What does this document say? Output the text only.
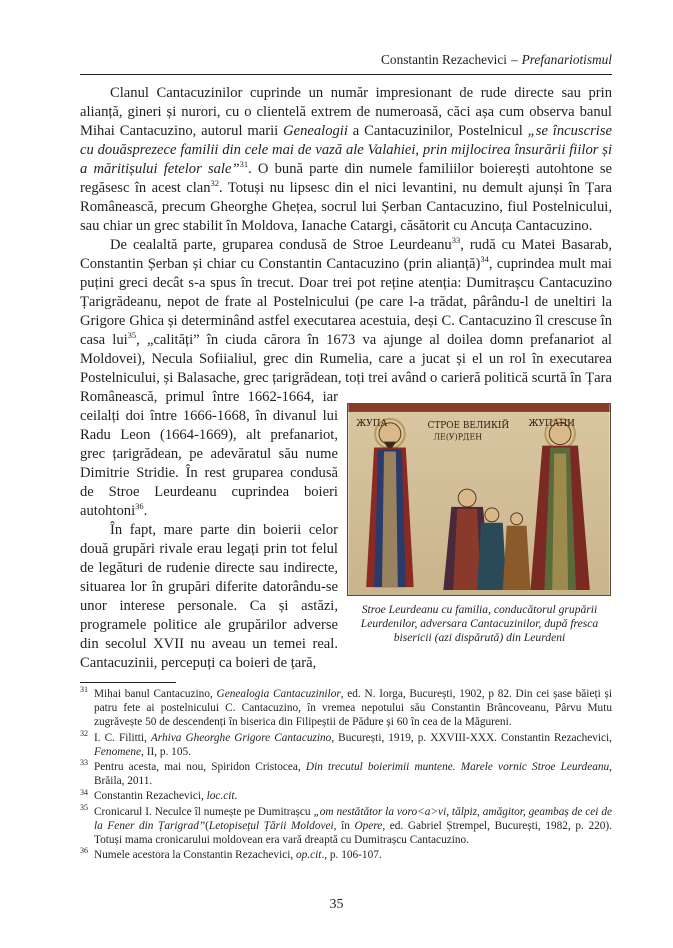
Constantin Rezachevici – Prefanariotismul

Clanul Cantacuzinilor cuprinde un număr impresionant de rude directe sau prin alianță, gineri și nurori, cu o clientelă extrem de numeroasă, căci așa cum observa banul Mihai Cantacuzino, autorul marii Genealogii a Cantacuzinilor, Postelnicul „se încuscrise cu douăsprezece familii din cele mai de vază ale Valahiei, prin mijlocirea însurării fiilor și a măritișului fetelor sale”$^{31}$. O bună parte din numele familiilor boierești autohtone se regăsesc în acest clan$^{32}$. Totuși nu lipsesc din el nici levantini, nu demult ajunși în Țara Românească, precum Gheorghe Ghețea, socrul lui Șerban Cantacuzino, fiul Postelnicului, sau chiar un grec stabilit în Moldova, Ianache Catargi, căsătorit cu Ancuța Cantacuzino.

De cealaltă parte, gruparea condusă de Stroe Leurdeanu$^{33}$, rudă cu Matei Basarab, Constantin Șerban și chiar cu Constantin Cantacuzino (prin alianță)$^{34}$, cuprindea mult mai puțini greci decât s-a spus în trecut. Doar trei pot reține atenția: Dumitrașcu Cantacuzino Țarigrădeanu, nepot de frate al Postelnicului (pe care l-a trădat, pârându-l de uneltiri la Grigore Ghica și determinând astfel executarea acestuia, deși C. Cantacuzino îl crescuse în casa lui$^{35}$, „calități” în ciuda cărora în 1673 va ajunge al doilea domn prefanariot al Moldovei), Necula Sofiialiul, grec din Rumelia, care a jucat și el un rol în executarea Postelnicului, și Balasache, grec țarigrădean, toți trei având o carieră politică scurtă în Țara Românească, primul între 1662-1664, iar ceilalți doi între 1666-1668, în divanul lui Radu Leon (1664-1669), alt prefanariot, grec țarigrădean, pe adevăratul său nume Dimitrie Stridie. În rest gruparea condusă de Stroe Leurdeanu cuprindea boieri autohtoni$^{36}$.

În fapt, mare parte din boierii celor două grupări rivale erau legați prin tot felul de legături de rudenie directe sau indirecte, situarea lor în grupări diferite datorându-se unor interese personale. Ca și astăzi, programele politice ale grupărilor adverse din secolul XVII nu aveau un temei real. Cantacuzinii, percepuți ca boieri de țară,

ЖУПА	СТРОЕ ВЕЛИКІЙ
ЛЕ(У)РДЕН
ЖУПАНИ
Stroe Leurdeanu cu familia, conducătorul grupării Leurdenilor, adversara Cantacuzinilor, după fresca bisericii (azi dispărută) din Leurdeni
31 Mihai banul Cantacuzino, Genealogia Cantacuzinilor, ed. N. Iorga, București, 1902, p 82. Din cei șase băieți și patru fete ai postelnicului C. Cantacuzino, în vremea nepotului său Constantin Brâncoveanu, Pârvu Mutu zugrăvește 50 de descendenți în biserica din Filipeștii de Pădure și 60 în cea de la Măgureni.
32 I. C. Filitti, Arhiva Gheorghe Grigore Cantacuzino, București, 1919, p. XXVIII-XXX. Constantin Rezachevici, Fenomene, II, p. 105.
33 Pentru acesta, mai nou, Spiridon Cristocea, Din trecutul boierimii muntene. Marele vornic Stroe Leurdeanu, Brăila, 2011.
34 Constantin Rezachevici, loc.cit.
35 Cronicarul I. Neculce îl numește pe Dumitrașcu „om nestătător la voro<a>vi, tălpiz, amăgitor, geambaș de cei de la Fener din Țarigrad”(Letopisețul Țării Moldovei, în Opere, ed. Gabriel Ștrempel, București, 1982, p. 220). Totuși mama cronicarului moldovean era vară dreaptă cu Dumitrașcu Cantacuzino.
36 Numele acestora la Constantin Rezachevici, op.cit., p. 106-107.
35
